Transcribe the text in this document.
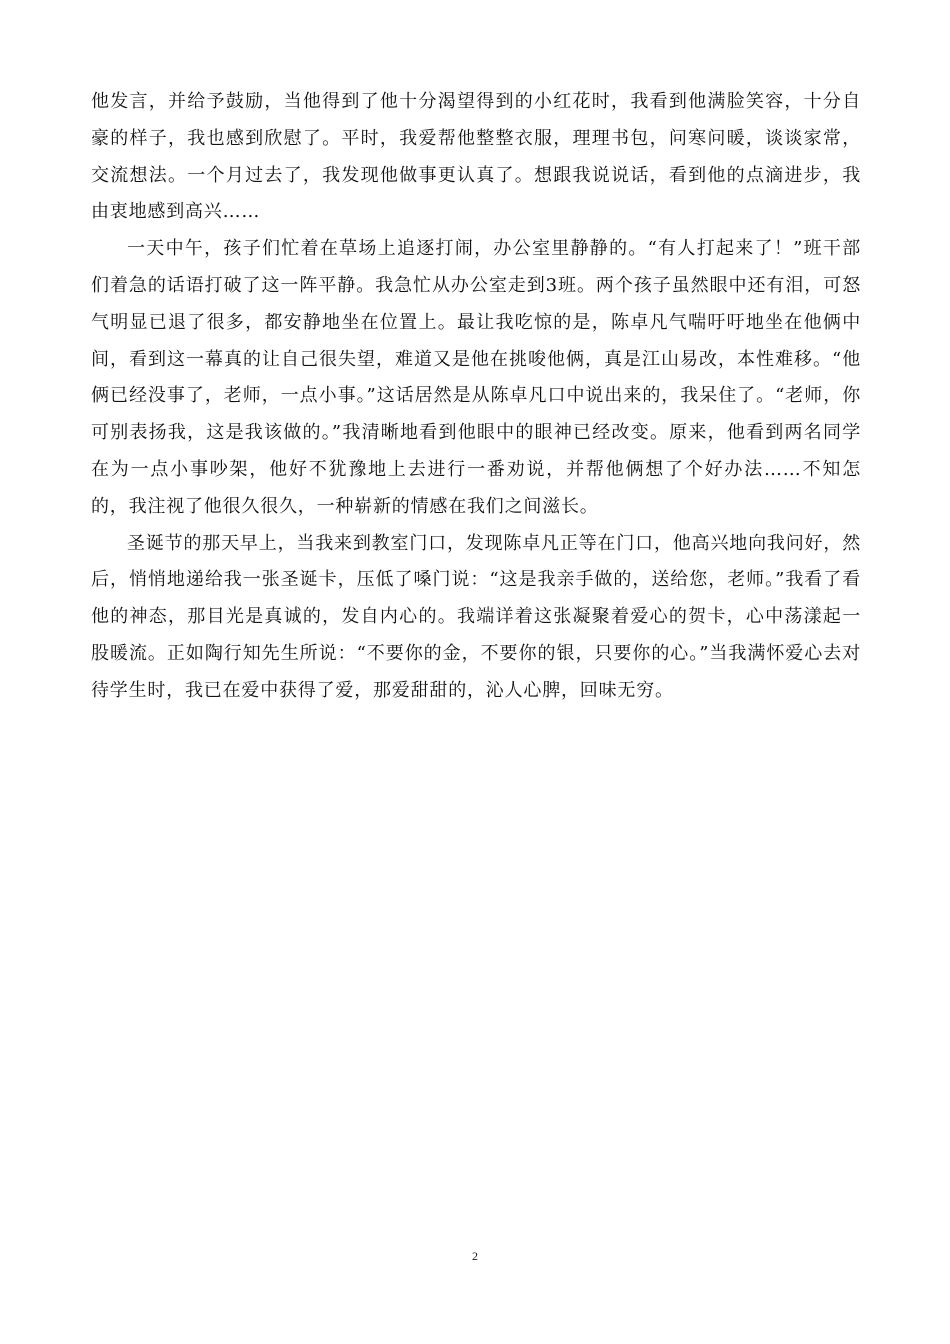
他发言，并给予鼓励，当他得到了他十分渴望得到的小红花时，我看到他满脸笑容，十分自豪的样子，我也感到欣慰了。平时，我爱帮他整整衣服，理理书包，问寒问暖，谈谈家常，交流想法。一个月过去了，我发现他做事更认真了。想跟我说说话，看到他的点滴进步，我由衷地感到高兴……

一天中午，孩子们忙着在草场上追逐打闹，办公室里静静的。“有人打起来了！”班干部们着急的话语打破了这一阵平静。我急忙从办公室走到3班。两个孩子虽然眼中还有泪，可怒气明显已退了很多，都安静地坐在位置上。最让我吃惊的是，陈卓凡气喘吁吁地坐在他俩中间，看到这一幕真的让自己很失望，难道又是他在挑唆他俩，真是江山易改，本性难移。“他俩已经没事了，老师，一点小事。”这话居然是从陈卓凡口中说出来的，我呆住了。“老师，你可别表扬我，这是我该做的。”我清晰地看到他眼中的眼神已经改变。原来，他看到两名同学在为一点小事吵架，他好不犹豫地上去进行一番劝说，并帮他俩想了个好办法……不知怎的，我注视了他很久很久，一种崭新的情感在我们之间滋长。

圣诞节的那天早上，当我来到教室门口，发现陈卓凡正等在门口，他高兴地向我问好，然后，悄悄地递给我一张圣诞卡，压低了嗓门说：“这是我亲手做的，送给您，老师。”我看了看他的神态，那目光是真诚的，发自内心的。我端详着这张凝聚着爱心的贺卡，心中荡漾起一股暖流。正如陶行知先生所说：“不要你的金，不要你的银，只要你的心。”当我满怀爱心去对待学生时，我已在爱中获得了爱，那爱甜甜的，沁人心脾，回味无穷。

2
